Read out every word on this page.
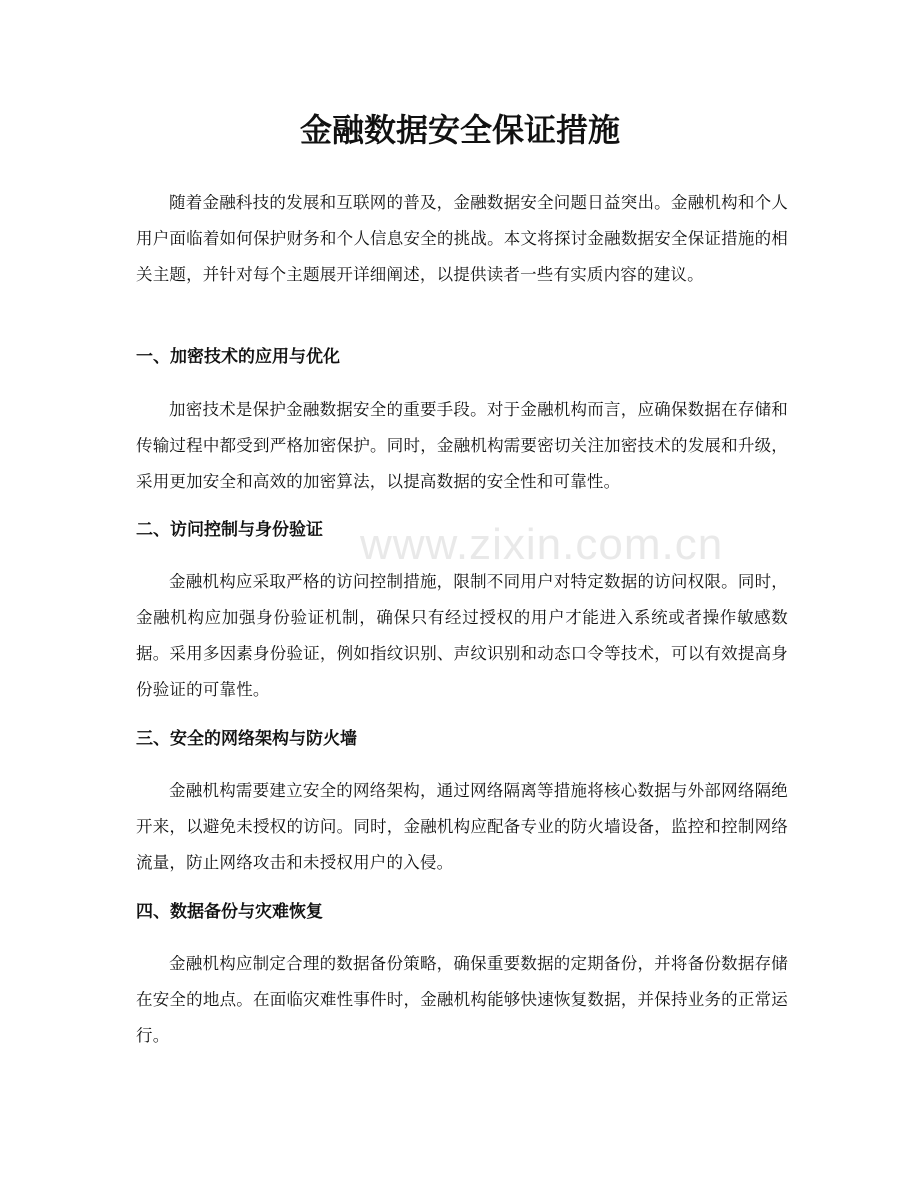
www.zixin.com.cn
金融数据安全保证措施

随着金融科技的发展和互联网的普及，金融数据安全问题日益突出。金融机构和个人用户面临着如何保护财务和个人信息安全的挑战。本文将探讨金融数据安全保证措施的相关主题，并针对每个主题展开详细阐述，以提供读者一些有实质内容的建议。

一、加密技术的应用与优化

加密技术是保护金融数据安全的重要手段。对于金融机构而言，应确保数据在存储和传输过程中都受到严格加密保护。同时，金融机构需要密切关注加密技术的发展和升级，采用更加安全和高效的加密算法，以提高数据的安全性和可靠性。

二、访问控制与身份验证

金融机构应采取严格的访问控制措施，限制不同用户对特定数据的访问权限。同时，金融机构应加强身份验证机制，确保只有经过授权的用户才能进入系统或者操作敏感数据。采用多因素身份验证，例如指纹识别、声纹识别和动态口令等技术，可以有效提高身份验证的可靠性。

三、安全的网络架构与防火墙

金融机构需要建立安全的网络架构，通过网络隔离等措施将核心数据与外部网络隔绝开来，以避免未授权的访问。同时，金融机构应配备专业的防火墙设备，监控和控制网络流量，防止网络攻击和未授权用户的入侵。

四、数据备份与灾难恢复

金融机构应制定合理的数据备份策略，确保重要数据的定期备份，并将备份数据存储在安全的地点。在面临灾难性事件时，金融机构能够快速恢复数据，并保持业务的正常运行。
